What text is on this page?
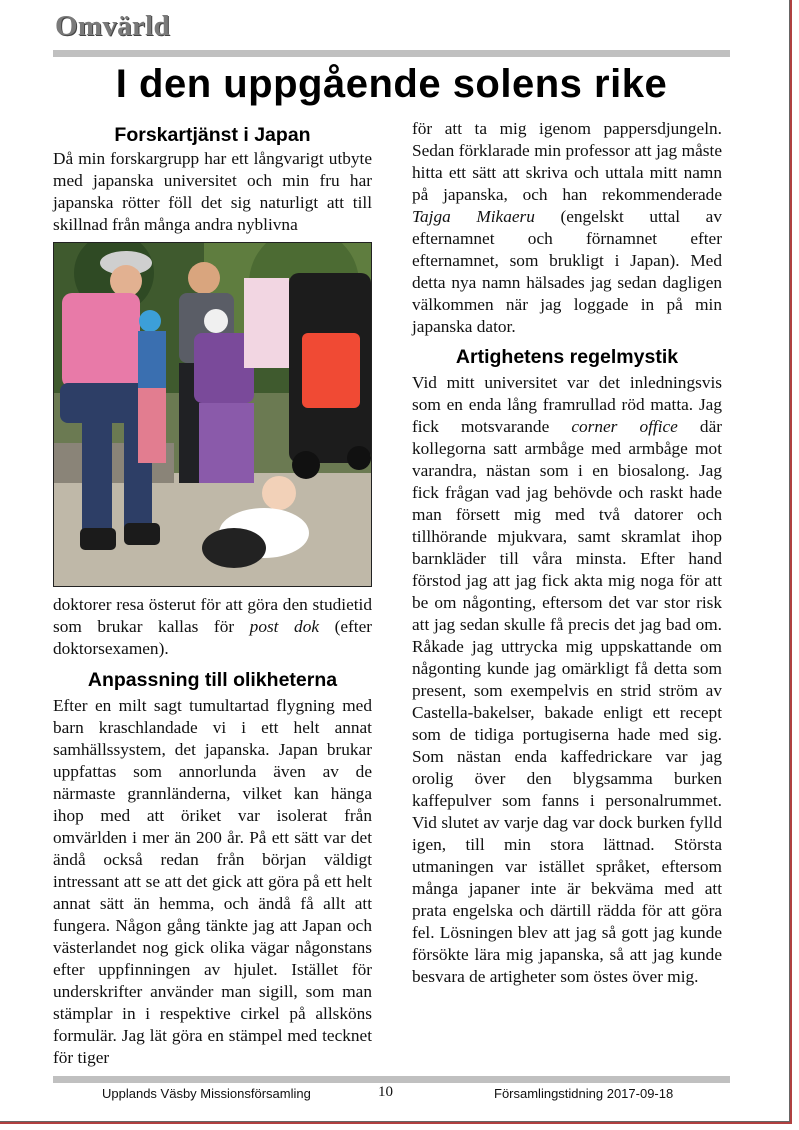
Omvärld
I den uppgående solens rike
Forskartjänst i Japan

Då min forskargrupp har ett långvarigt utbyte med japanska universitet och min fru har japanska rötter föll det sig naturligt att till skillnad från många andra nyblivna

doktorer resa österut för att göra den studietid som brukar kallas för post dok (efter doktorsexamen).

Anpassning till olikheterna

Efter en milt sagt tumultartad flygning med barn kraschlandade vi i ett helt annat samhällssystem, det japanska. Japan brukar uppfattas som annorlunda även av de närmaste grannländerna, vilket kan hänga ihop med att öriket var isolerat från omvärlden i mer än 200 år. På ett sätt var det ändå också redan från början väldigt intressant att se att det gick att göra på ett helt annat sätt än hemma, och ändå få allt att fungera. Någon gång tänkte jag att Japan och västerlandet nog gick olika vägar någonstans efter uppfinningen av hjulet. Istället för underskrifter använder man sigill, som man stämplar in i respektive cirkel på allsköns formulär. Jag lät göra en stämpel med tecknet för tiger

för att ta mig igenom pappersdjungeln. Sedan förklarade min professor att jag måste hitta ett sätt att skriva och uttala mitt namn på japanska, och han rekommenderade Tajga Mikaeru (engelskt uttal av efternamnet och förnamnet efter efternamnet, som brukligt i Japan). Med detta nya namn hälsades jag sedan dagligen välkommen när jag loggade in på min japanska dator.

Artighetens regelmystik

Vid mitt universitet var det inledningsvis som en enda lång framrullad röd matta. Jag fick motsvarande corner office där kollegorna satt armbåge med armbåge mot varandra, nästan som i en biosalong. Jag fick frågan vad jag behövde och raskt hade man försett mig med två datorer och tillhörande mjukvara, samt skramlat ihop barnkläder till våra minsta. Efter hand förstod jag att jag fick akta mig noga för att be om någonting, eftersom det var stor risk att jag sedan skulle få precis det jag bad om. Råkade jag uttrycka mig uppskattande om någonting kunde jag omärkligt få detta som present, som exempelvis en strid ström av Castella-bakelser, bakade enligt ett recept som de tidiga portugiserna hade med sig. Som nästan enda kaffedrickare var jag orolig över den blygsamma burken kaffepulver som fanns i personalrummet. Vid slutet av varje dag var dock burken fylld igen, till min stora lättnad. Största utmaningen var istället språket, eftersom många japaner inte är bekväma med att prata engelska och därtill rädda för att göra fel. Lösningen blev att jag så gott jag kunde försökte lära mig japanska, så att jag kunde besvara de artigheter som östes över mig.

Upplands Väsby Missionsförsamling	10	Församlingstidning 2017-09-18
